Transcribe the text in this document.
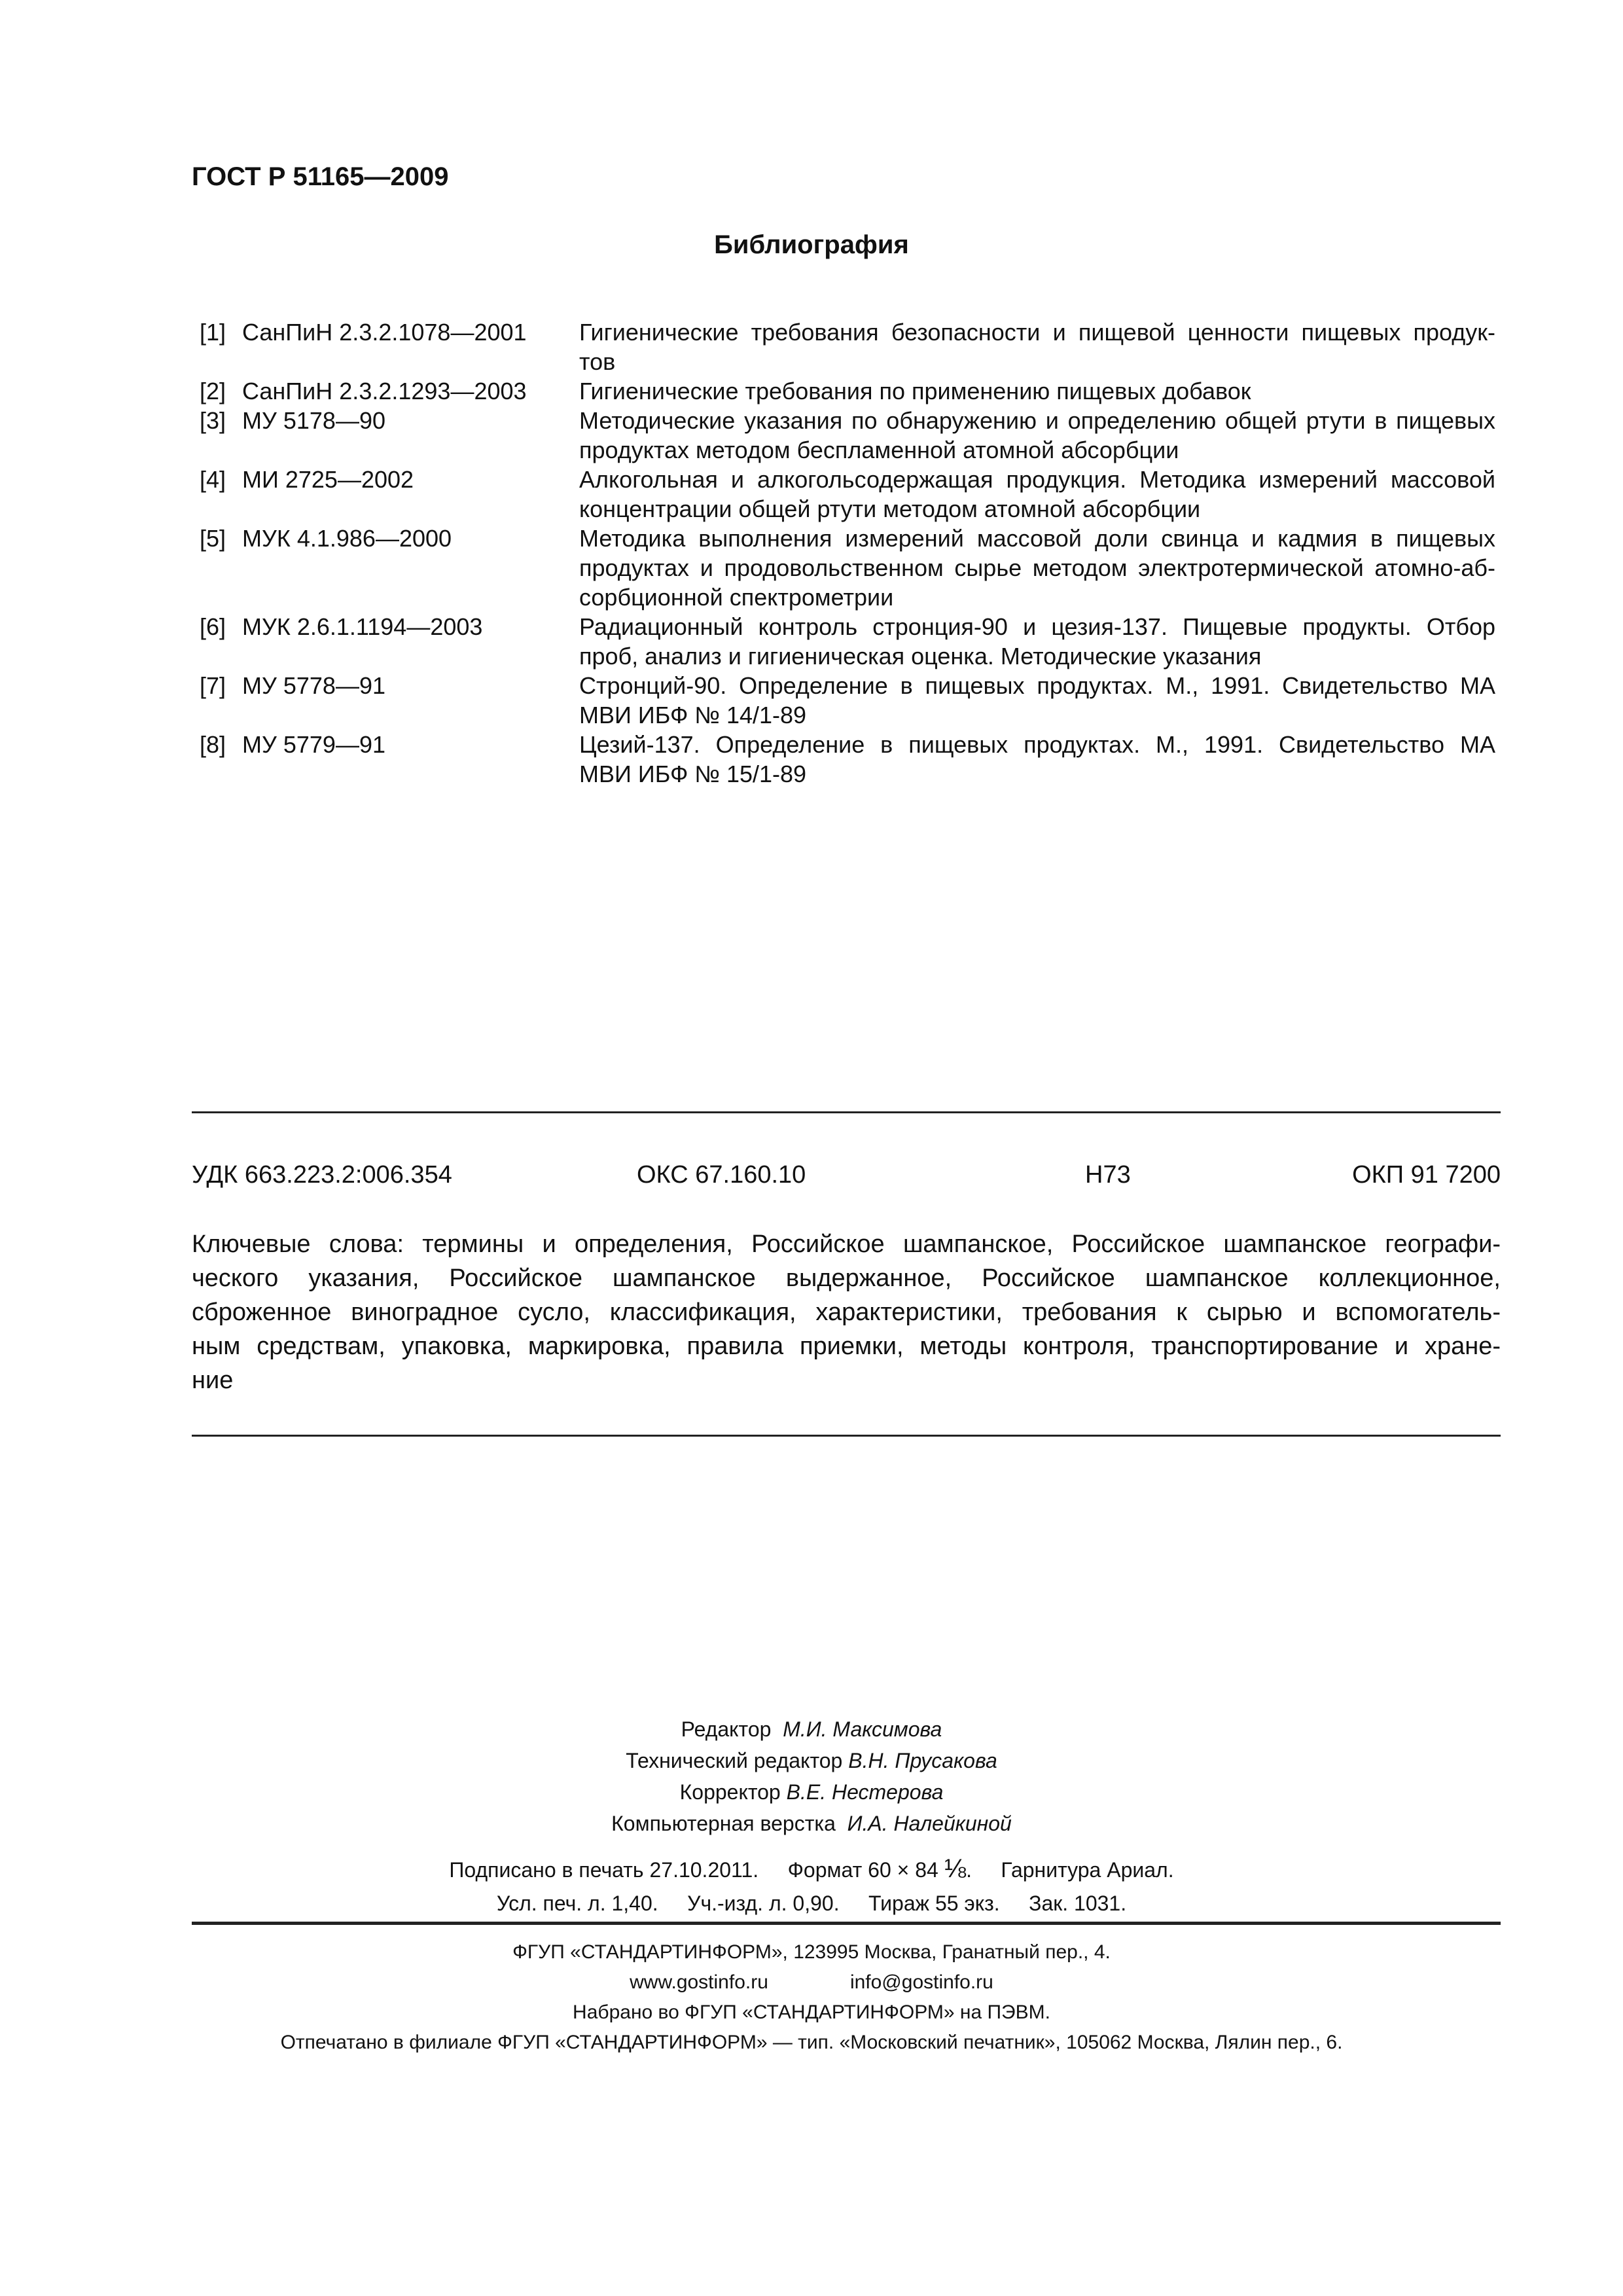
ГОСТ Р 51165—2009
Библиография
[1] СанПиН 2.3.2.1078—2001	Гигиенические требования безопасности и пищевой ценности пищевых продук-
тов
[2] СанПиН 2.3.2.1293—2003	Гигиенические требования по применению пищевых добавок
[3] МУ 5178—90	Методические указания по обнаружению и определению общей ртути в пищевых
продуктах методом беспламенной атомной абсорбции
[4] МИ 2725—2002	Алкогольная и алкогольсодержащая продукция. Методика измерений массовой
концентрации общей ртути методом атомной абсорбции
[5] МУК 4.1.986—2000	Методика выполнения измерений массовой доли свинца и кадмия в пищевых
продуктах и продовольственном сырье методом электротермической атомно-аб-
сорбционной спектрометрии
[6] МУК 2.6.1.1194—2003	Радиационный контроль стронция-90 и цезия-137. Пищевые продукты. Отбор
проб, анализ и гигиеническая оценка. Методические указания
[7] МУ 5778—91	Стронций-90. Определение в пищевых продуктах. М., 1991. Свидетельство МА
МВИ ИБФ № 14/1-89
[8] МУ 5779—91	Цезий-137. Определение в пищевых продуктах. М., 1991. Свидетельство МА
МВИ ИБФ № 15/1-89
УДК 663.223.2:006.354	ОКС 67.160.10	Н73	ОКП 91 7200
Ключевые слова: термины и определения, Российское шампанское, Российское шампанское географи-
ческого указания, Российское шампанское выдержанное, Российское шампанское коллекционное,
сброженное виноградное сусло, классификация, характеристики, требования к сырью и вспомогатель-
ным средствам, упаковка, маркировка, правила приемки, методы контроля, транспортирование и хране-
ние
Редактор М.И. Максимова
Технический редактор В.Н. Прусакова
Корректор В.Е. Нестерова
Компьютерная верстка И.А. Налейкиной
Подписано в печать 27.10.2011. Формат 60 × 84 ⅛.     Гарнитура Ариал.
Усл. печ. л. 1,40. Уч.-изд. л. 0,90. Тираж 55 экз. Зак. 1031.
ФГУП «СТАНДАРТИНФОРМ», 123995 Москва, Гранатный пер., 4.
www.gostinfo.ru	info@gostinfo.ru
Набрано во ФГУП «СТАНДАРТИНФОРМ» на ПЭВМ.
Отпечатано в филиале ФГУП «СТАНДАРТИНФОРМ» — тип. «Московский печатник», 105062 Москва, Лялин пер., 6.
